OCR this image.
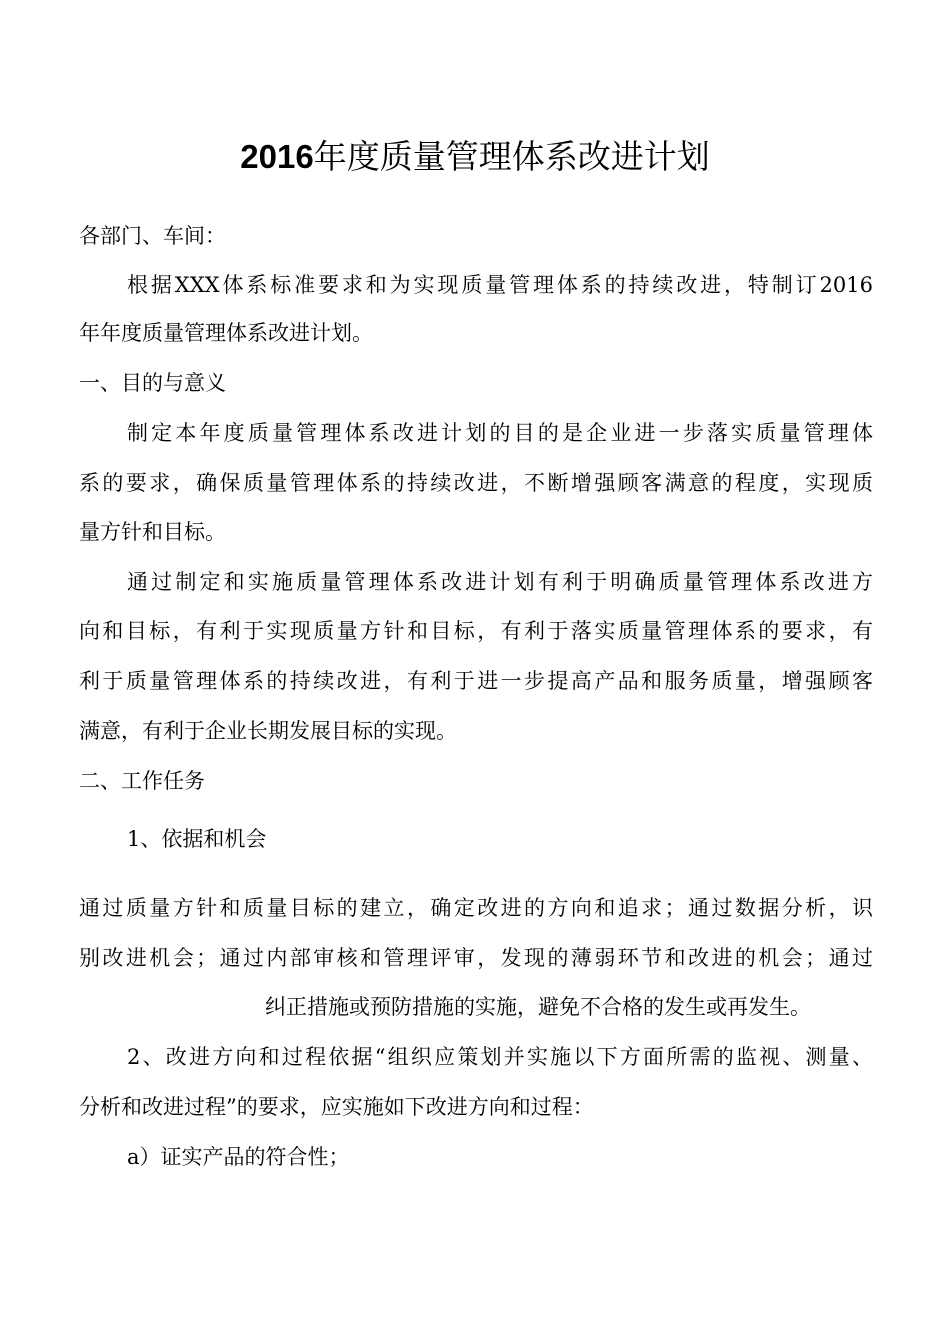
2016年度质量管理体系改进计划
各部门、车间：
根据XXX体系标准要求和为实现质量管理体系的持续改进，特制订2016
年年度质量管理体系改进计划。
一、目的与意义
制定本年度质量管理体系改进计划的目的是企业进一步落实质量管理体
系的要求，确保质量管理体系的持续改进，不断增强顾客满意的程度，实现质
量方针和目标。
通过制定和实施质量管理体系改进计划有利于明确质量管理体系改进方
向和目标，有利于实现质量方针和目标，有利于落实质量管理体系的要求，有
利于质量管理体系的持续改进，有利于进一步提高产品和服务质量，增强顾客
满意，有利于企业长期发展目标的实现。
二、工作任务
1、依据和机会
通过质量方针和质量目标的建立，确定改进的方向和追求；通过数据分析，识
别改进机会；通过内部审核和管理评审，发现的薄弱环节和改进的机会；通过
纠正措施或预防措施的实施，避免不合格的发生或再发生。
2、改进方向和过程依据“组织应策划并实施以下方面所需的监视、测量、
分析和改进过程”的要求，应实施如下改进方向和过程：
a）证实产品的符合性；
